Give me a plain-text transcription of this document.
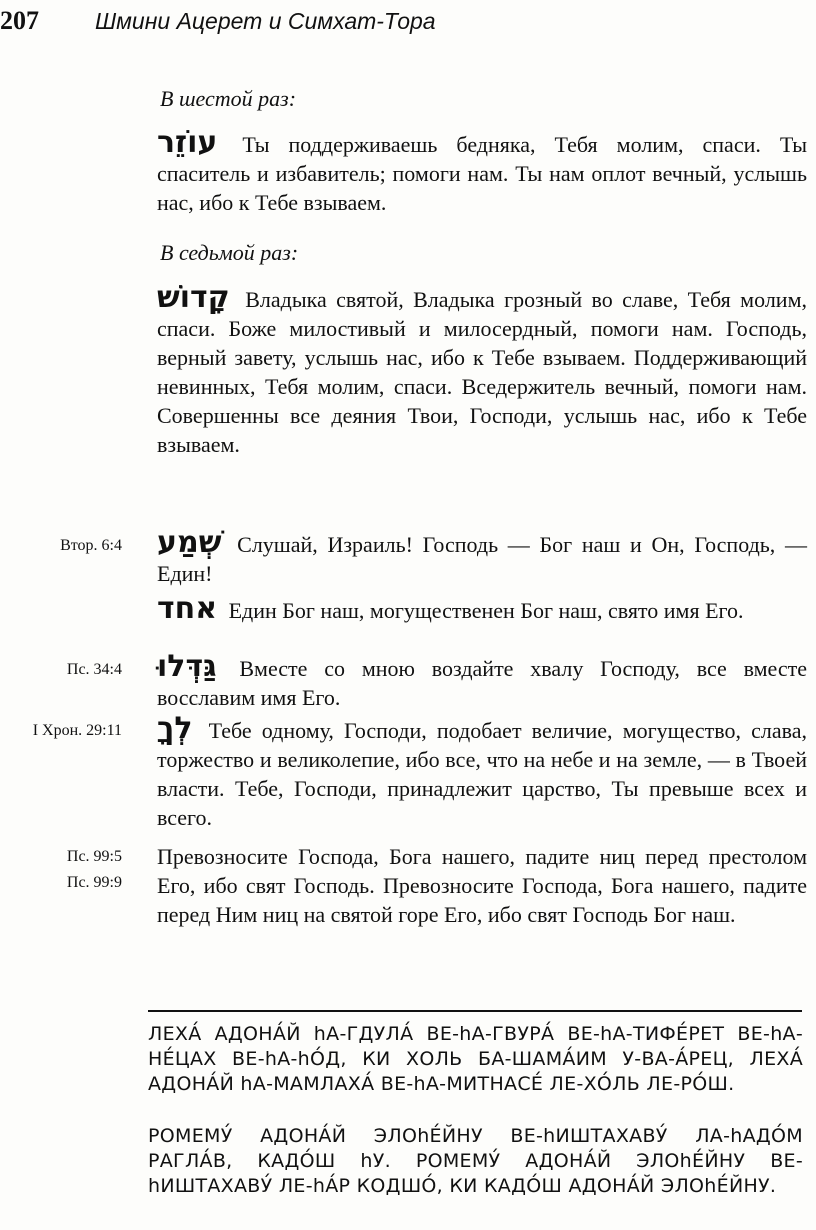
207 Шмини Ацерет и Симхат-Тора
В шестой раз:
עוֹזֵר Ты поддерживаешь бедняка, Тебя молим, спаси. Ты спаситель и избавитель; помоги нам. Ты нам оплот вечный, услышь нас, ибо к Тебе взываем.
В седьмой раз:
קָדוֹשׁ Владыка святой, Владыка грозный во славе, Тебя молим, спаси. Боже милостивый и милосердный, помоги нам. Господь, верный завету, услышь нас, ибо к Тебе взываем. Поддерживающий невинных, Тебя молим, спаси. Вседержитель вечный, помоги нам. Совершенны все деяния Твои, Господи, услышь нас, ибо к Тебе взываем.
Втор. 6:4 שְׁמַע Слушай, Израиль! Господь — Бог наш и Он, Господь, — Един!
אחד Един Бог наш, могущественен Бог наш, свято имя Его.
Пс. 34:4 גַּדְּלוּ Вместе со мною воздайте хвалу Господу, все вместе восславим имя Его.
I Хрон. 29:11 לְךָ Тебе одному, Господи, подобает величие, могущество, слава, торжество и великолепие, ибо все, что на небе и на земле, — в Твоей власти. Тебе, Господи, принадлежит царство, Ты превыше всех и всего.
Пс. 99:5
Пс. 99:9
Превозносите Господа, Бога нашего, падите ниц перед престолом Его, ибо свят Господь. Превозносите Господа, Бога нашего, падите перед Ним ниц на святой горе Его, ибо свят Господь Бог наш.
ЛЕХА́ АДОНА́Й hА-ГДУЛА́ ВЕ-hА-ГВУРА́ ВЕ-hА-ТИФЕ́РЕТ ВЕ-hА-НЕ́ЦАХ ВЕ-hА-hО́Д, КИ ХОЛЬ БА-ШАМА́ИМ У-ВА-А́РЕЦ, ЛЕХА́ АДОНА́Й hА-МАМЛАХА́ ВЕ-hА-МИТНАСЕ́ ЛЕ-ХО́ЛЬ ЛЕ-РО́Ш.
РОМЕМУ́ АДОНА́Й ЭЛОhЕ́ЙНУ ВЕ-hИШТАХАВУ́ ЛА-hАДО́М РАГЛА́В, КАДО́Ш hУ. РОМЕМУ́ АДОНА́Й ЭЛОhЕ́ЙНУ ВЕ-hИШТАХАВУ́ ЛЕ-hА́Р КОДШО́, КИ КАДО́Ш АДОНА́Й ЭЛОhЕ́ЙНУ.
